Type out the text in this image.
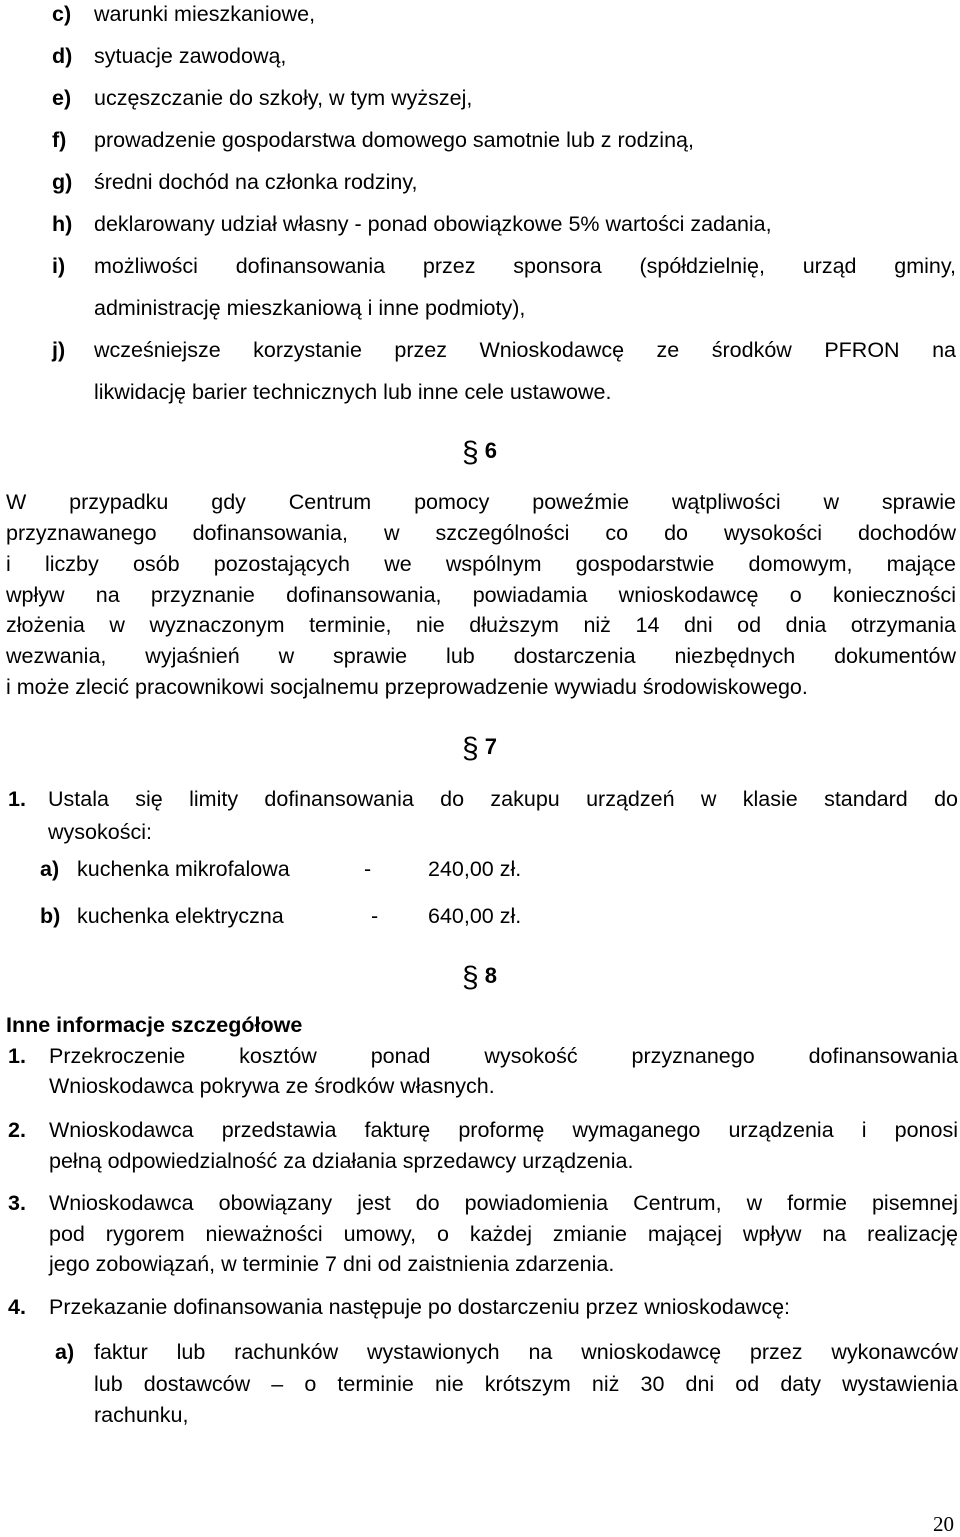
c) warunki mieszkaniowe,
d) sytuacje zawodową,
e) uczęszczanie do szkoły, w tym wyższej,
f) prowadzenie gospodarstwa domowego samotnie lub z rodziną,
g) średni dochód na członka rodziny,
h) deklarowany udział własny - ponad obowiązkowe 5% wartości zadania,
i) możliwości dofinansowania przez sponsora (spółdzielnię, urząd gminy,
administrację mieszkaniową i inne podmioty),
j) wcześniejsze korzystanie przez Wnioskodawcę ze środków PFRON na
likwidację barier technicznych lub inne cele ustawowe.
§ 6
W przypadku gdy Centrum pomocy poweźmie wątpliwości w sprawie
przyznawanego dofinansowania, w szczególności co do wysokości dochodów
i liczby osób pozostających we wspólnym gospodarstwie domowym, mające
wpływ na przyznanie dofinansowania, powiadamia wnioskodawcę o konieczności
złożenia w wyznaczonym terminie, nie dłuższym niż 14 dni od dnia otrzymania
wezwania, wyjaśnień w sprawie lub dostarczenia niezbędnych dokumentów
i może zlecić pracownikowi socjalnemu przeprowadzenie wywiadu środowiskowego.
§ 7
1. Ustala się limity dofinansowania do zakupu urządzeń w klasie standard do
wysokości:
a) kuchenka mikrofalowa	-	240,00 zł.
b) kuchenka elektryczna	- 640,00 zł.
§ 8
Inne informacje szczegółowe
1. Przekroczenie kosztów ponad wysokość przyznanego dofinansowania
Wnioskodawca pokrywa ze środków własnych.
2. Wnioskodawca przedstawia fakturę proformę wymaganego urządzenia i ponosi
pełną odpowiedzialność za działania sprzedawcy urządzenia.
3. Wnioskodawca obowiązany jest do powiadomienia Centrum, w formie pisemnej
pod rygorem nieważności umowy, o każdej zmianie mającej wpływ na realizację
jego zobowiązań, w terminie 7 dni od zaistnienia zdarzenia.
4. Przekazanie dofinansowania następuje po dostarczeniu przez wnioskodawcę:
a) faktur lub rachunków wystawionych na wnioskodawcę przez wykonawców
lub dostawców – o terminie nie krótszym niż 30 dni od daty wystawienia
rachunku,
20
